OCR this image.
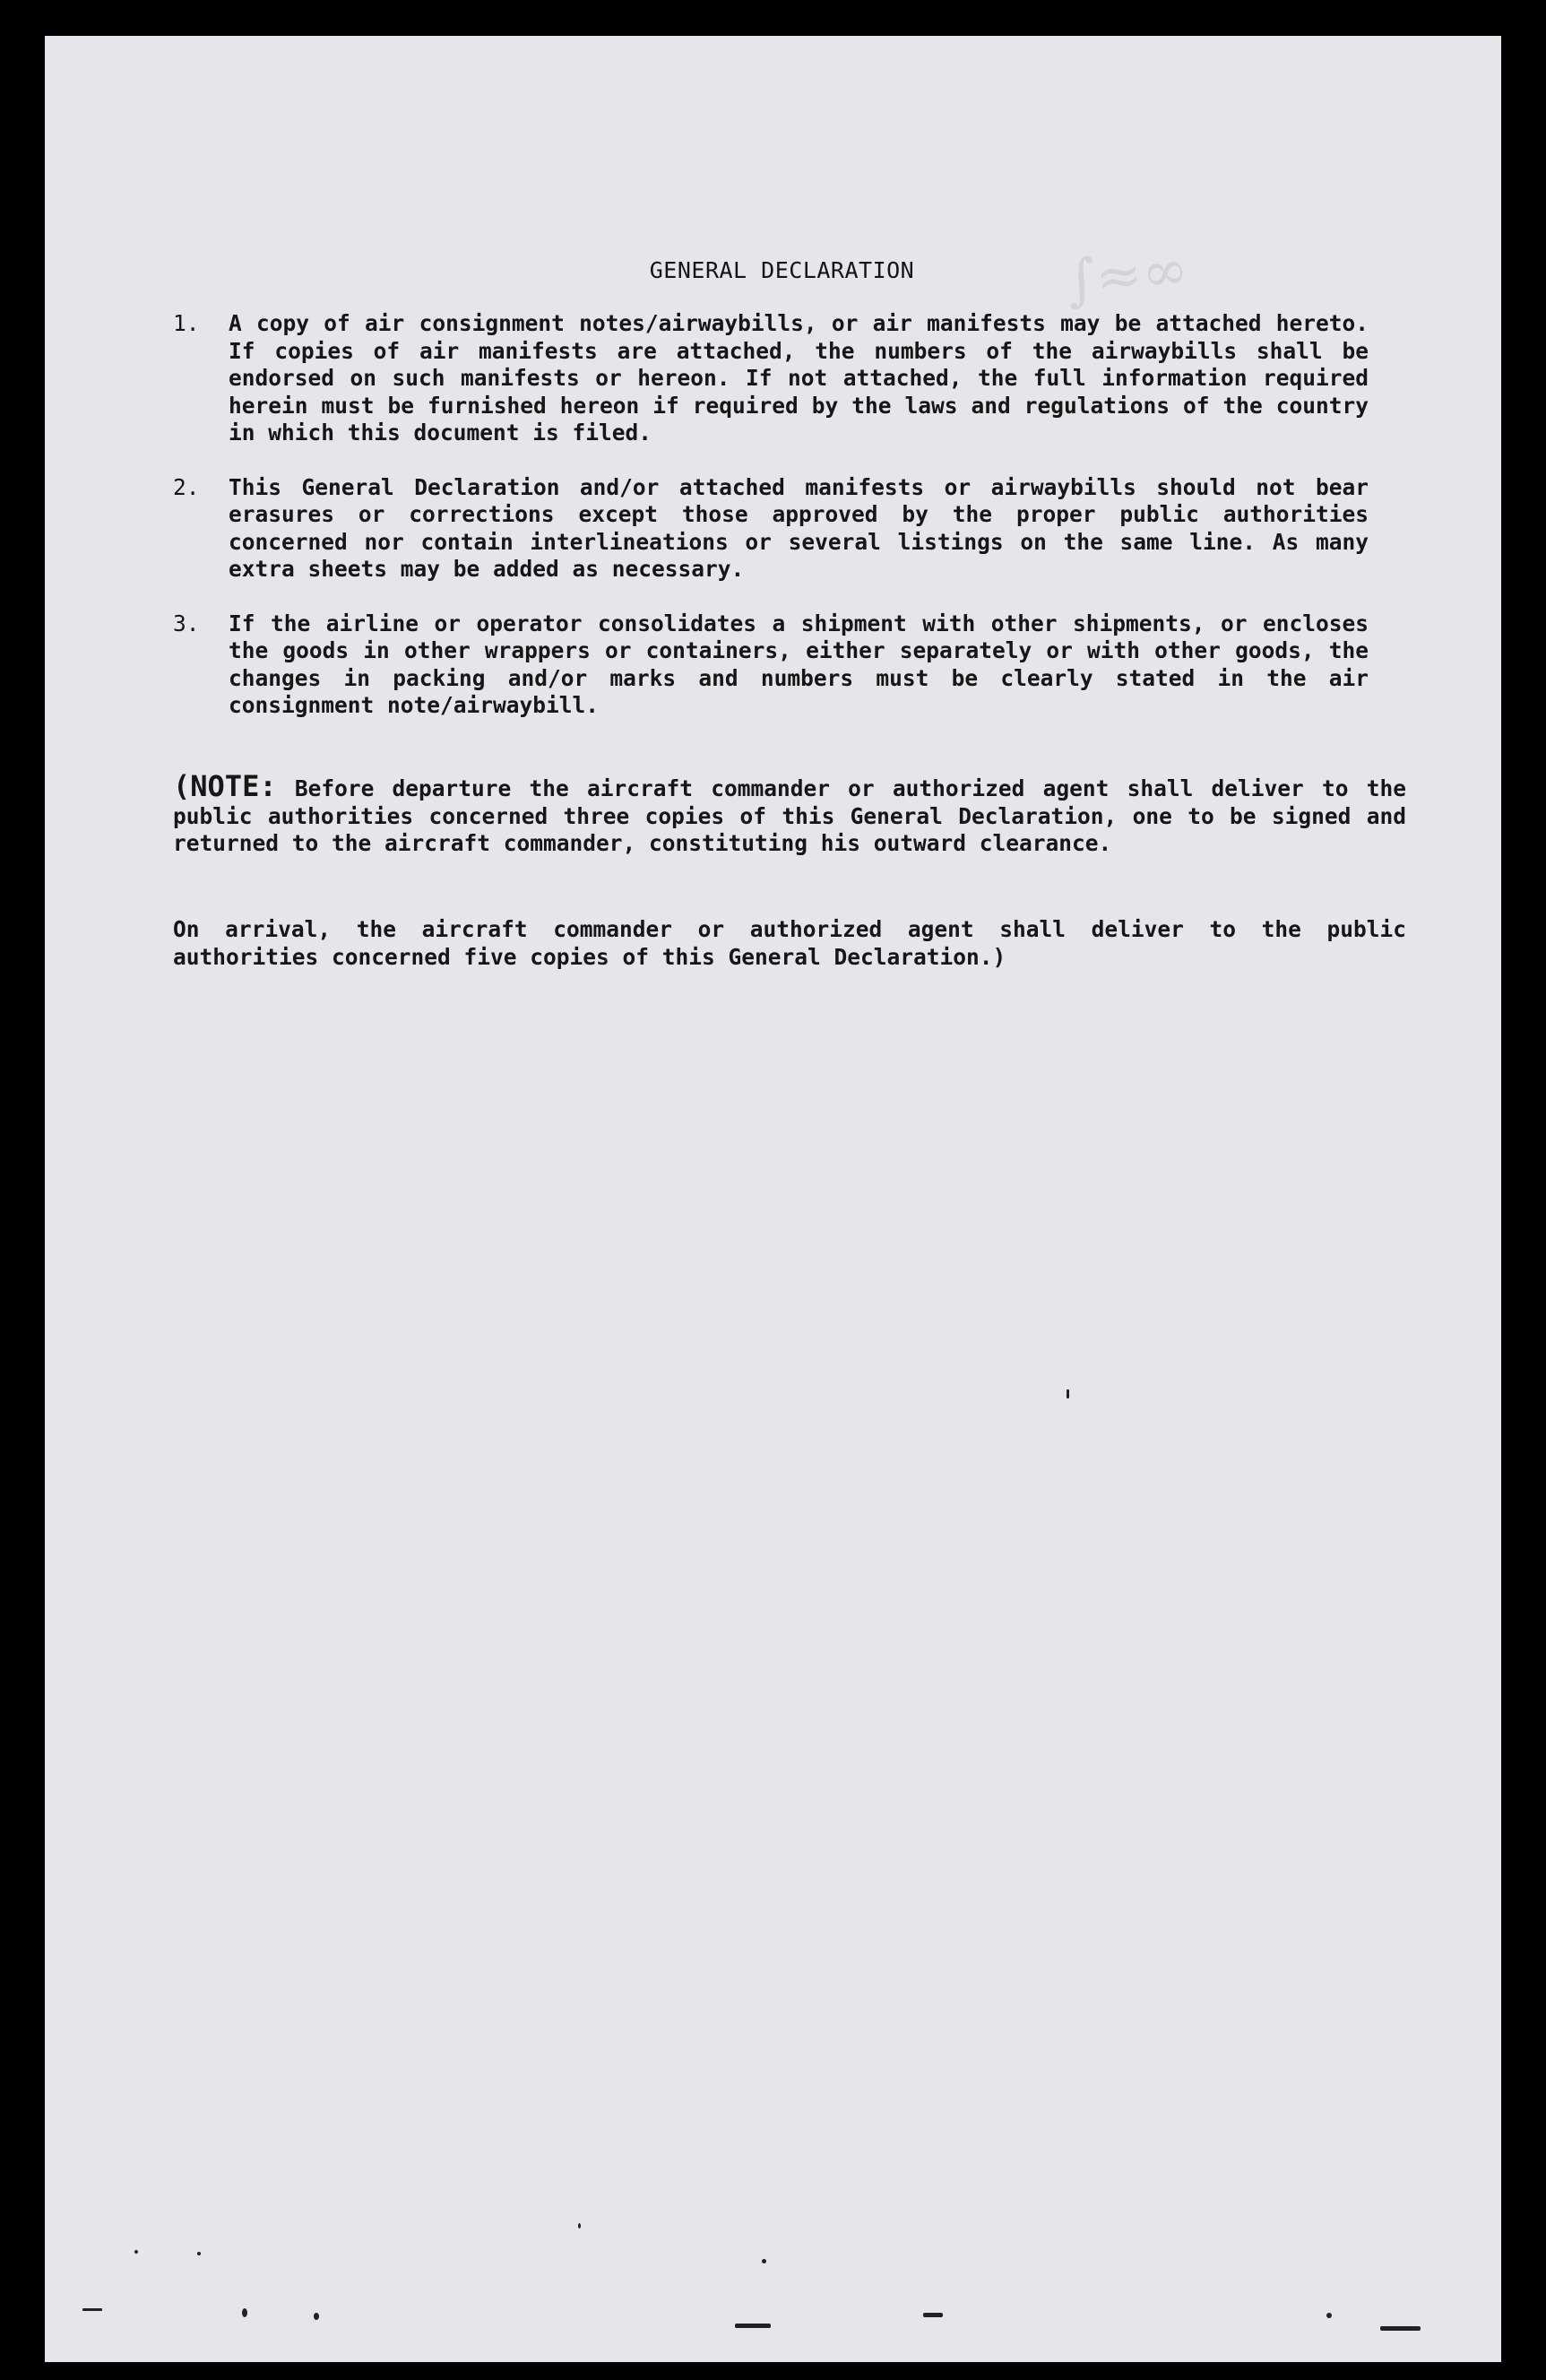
∫≈∞
GENERAL DECLARATION
1.	A copy of air consignment notes/airwaybills, or air manifests may be attached hereto. If copies of air manifests are attached, the numbers of the airwaybills shall be endorsed on such manifests or hereon. If not attached, the full information required herein must be furnished hereon if required by the laws and regulations of the country in which this document is filed.

2.	This General Declaration and/or attached manifests or airwaybills should not bear erasures or corrections except those approved by the proper public authorities concerned nor contain interlineations or several listings on the same line. As many extra sheets may be added as necessary.

3.	If the airline or operator consolidates a shipment with other shipments, or encloses the goods in other wrappers or containers, either separately or with other goods, the changes in packing and/or marks and numbers must be clearly stated in the air consignment note/airwaybill.

(NOTE: Before departure the aircraft commander or authorized agent shall deliver to the public authorities concerned three copies of this General Declaration, one to be signed and returned to the aircraft commander, constituting his outward clearance.

On arrival, the aircraft commander or authorized agent shall deliver to the public authorities concerned five copies of this General Declaration.)
